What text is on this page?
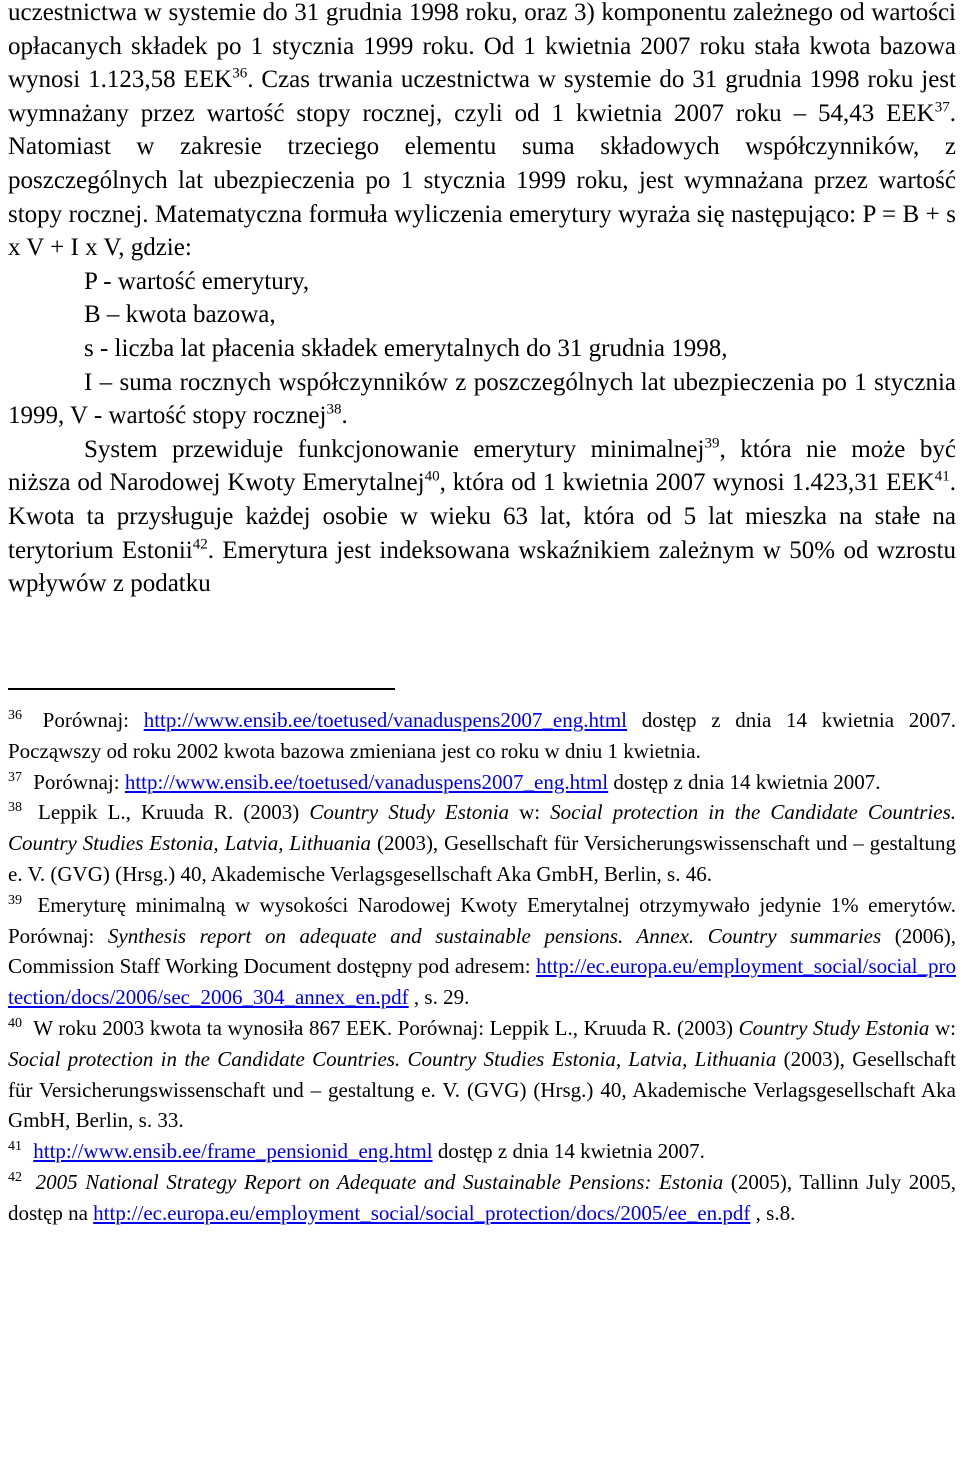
uczestnictwa w systemie do 31 grudnia 1998 roku, oraz 3) komponentu zależnego od wartości opłacanych składek po 1 stycznia 1999 roku. Od 1 kwietnia 2007 roku stała kwota bazowa wynosi 1.123,58 EEK$^{36}$. Czas trwania uczestnictwa w systemie do 31 grudnia 1998 roku jest wymnażany przez wartość stopy rocznej, czyli od 1 kwietnia 2007 roku – 54,43 EEK$^{37}$. Natomiast w zakresie trzeciego elementu suma składowych współczynników, z poszczególnych lat ubezpieczenia po 1 stycznia 1999 roku, jest wymnażana przez wartość stopy rocznej. Matematyczna formuła wyliczenia emerytury wyraża się następująco: P = B + s x V + I x V, gdzie:

P - wartość emerytury,

B – kwota bazowa,

s - liczba lat płacenia składek emerytalnych do 31 grudnia 1998,

I – suma rocznych współczynników z poszczególnych lat ubezpieczenia po 1 stycznia 1999, V - wartość stopy rocznej$^{38}$.

System przewiduje funkcjonowanie emerytury minimalnej$^{39}$, która nie może być niższa od Narodowej Kwoty Emerytalnej$^{40}$, która od 1 kwietnia 2007 wynosi 1.423,31 EEK$^{41}$. Kwota ta przysługuje każdej osobie w wieku 63 lat, która od 5 lat mieszka na stałe na terytorium Estonii$^{42}$. Emerytura jest indeksowana wskaźnikiem zależnym w 50% od wzrostu wpływów z podatku

$^{36}$ Porównaj: http://www.ensib.ee/toetused/vanaduspens2007_eng.html dostęp z dnia 14 kwietnia 2007. Począwszy od roku 2002 kwota bazowa zmieniana jest co roku w dniu 1 kwietnia.

$^{37}$ Porównaj: http://www.ensib.ee/toetused/vanaduspens2007_eng.html dostęp z dnia 14 kwietnia 2007.

$^{38}$ Leppik L., Kruuda R. (2003) Country Study Estonia w: Social protection in the Candidate Countries. Country Studies Estonia, Latvia, Lithuania (2003), Gesellschaft für Versicherungswissenschaft und – gestaltung e. V. (GVG) (Hrsg.) 40, Akademische Verlagsgesellschaft Aka GmbH, Berlin, s. 46.

$^{39}$ Emeryturę minimalną w wysokości Narodowej Kwoty Emerytalnej otrzymywało jedynie 1% emerytów. Porównaj: Synthesis report on adequate and sustainable pensions. Annex. Country summaries (2006), Commission Staff Working Document dostępny pod adresem: http://ec.europa.eu/employment_social/social_protection/docs/2006/sec_2006_304_annex_en.pdf , s. 29.

$^{40}$ W roku 2003 kwota ta wynosiła 867 EEK. Porównaj: Leppik L., Kruuda R. (2003) Country Study Estonia w: Social protection in the Candidate Countries. Country Studies Estonia, Latvia, Lithuania (2003), Gesellschaft für Versicherungswissenschaft und – gestaltung e. V. (GVG) (Hrsg.) 40, Akademische Verlagsgesellschaft Aka GmbH, Berlin, s. 33.

$^{41}$ http://www.ensib.ee/frame_pensionid_eng.html dostęp z dnia 14 kwietnia 2007.

$^{42}$ 2005 National Strategy Report on Adequate and Sustainable Pensions: Estonia (2005), Tallinn July 2005, dostęp na http://ec.europa.eu/employment_social/social_protection/docs/2005/ee_en.pdf , s.8.
